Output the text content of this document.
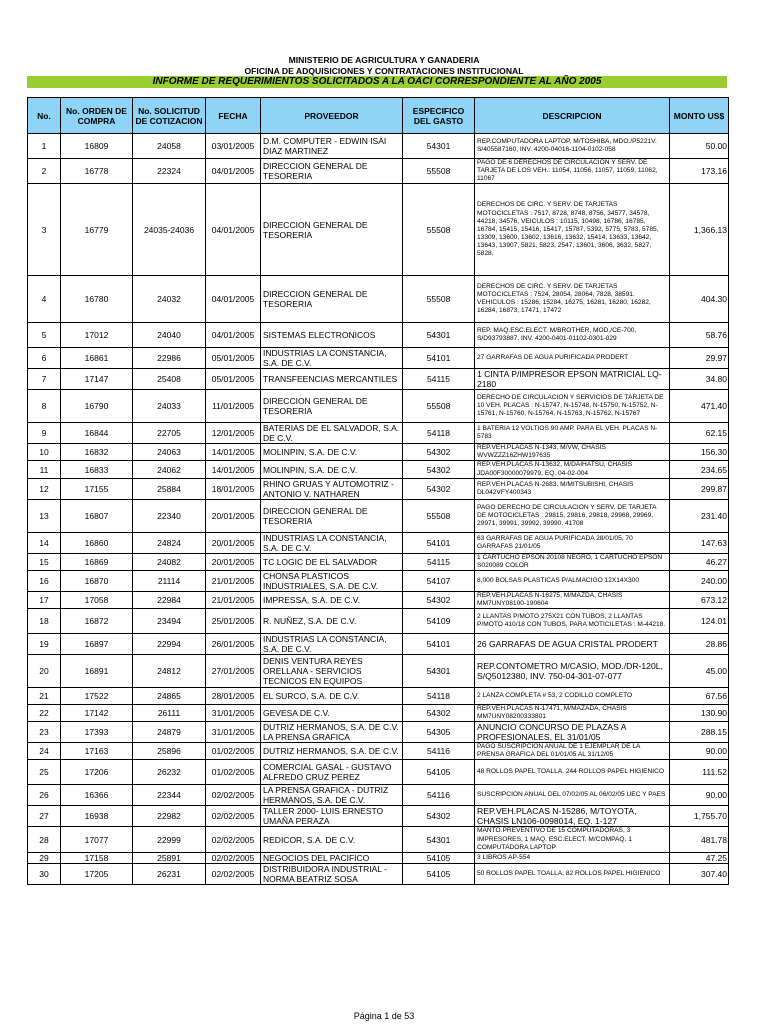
MINISTERIO DE AGRICULTURA Y GANADERIA
OFICINA DE ADQUISICIONES Y CONTRATACIONES INSTITUCIONAL
INFORME DE REQUERIMIENTOS SOLICITADOS A LA OACI CORRESPONDIENTE AL AÑO 2005
No.	No. ORDEN DE COMPRA	No. SOLICITUD DE COTIZACION	FECHA	PROVEEDOR	ESPECIFICO DEL GASTO	DESCRIPCION	MONTO US$
1	16809	24058	03/01/2005	D.M. COMPUTER - EDWIN ISAI DIAZ MARTINEZ	54301	REP.COMPUTADORA LAPTOP, M/TOSHIBA, MDO./P5221V. S/405587160, INV. 4200-04016-1104-0102-058	50.00
2	16778	22324	04/01/2005	DIRECCION GENERAL DE TESORERIA	55508	PAGO DE 6 DERECHOS DE CIRCULACION Y SERV. DE TARJETA DE LOS VEH.: 11054, 11056, 11057, 11059, 11062, 11067	173.16
3	16779	24035-24036	04/01/2005	DIRECCION GENERAL DE TESORERIA	55508	DERECHOS DE CIRC. Y SERV. DE TARJETAS MOTOCICLETAS : 7517, 8728, 8748, 8756, 34577, 34578, 44218, 34576, VEICULOS : 10115, 10498, 16786, 16785, 16784, 15415, 15416, 15417, 15787, 5392, 5775, 5783, 5785, 13309, 13600, 13602, 13616, 13632, 15414, 13633, 13642, 13643, 13907, 5821, 5823, 2547, 13601, 3606, 3632, 5827, 5828.	1,366.13
4	16780	24032	04/01/2005	DIRECCION GENERAL DE TESORERIA	55508	DERECHOS DE CIRC. Y SERV. DE TARJETAS MOTOCICLETAS : 7524, 28054, 28064, 7828, 38591. VEHICULOS : 15286, 15284, 16275, 16281, 16280, 16282, 16284, 16873, 17471, 17472	404.30
5	17012	24040	04/01/2005	SISTEMAS ELECTRONICOS	54301	REP. MAQ.ESC.ELECT. M/BROTHER, MOD./CE-700, S/D93793887, INV. 4200-0401-01102-0301-029	58.76
6	16861	22986	05/01/2005	INDUSTRIAS LA CONSTANCIA, S.A. DE C.V.	54101	27 GARRAFAS DE AGUA PURIFICADA PRODERT	29.97
7	17147	25408	05/01/2005	TRANSFEENCIAS MERCANTILES	54115	1 CINTA P/IMPRESOR EPSON MATRICIAL LQ-2180	34.80
8	16790	24033	11/01/2005	DIRECCION GENERAL DE TESORERIA	55508	DERECHO DE CIRCULACION Y SERVICIOS DE TARJETA DE 10 VEH. PLACAS : N-15747, N-15748, N-15750, N-15752, N-15761, N-15760, N-15764, N-15763, N-15762, N-15767	471.40
9	16844	22705	12/01/2005	BATERIAS DE EL SALVADOR, S.A. DE C.V.	54118	1 BATERIA 12 VOLTIOS 90 AMP. PARA EL VEH. PLACAS N-5783	62.15
10	16832	24063	14/01/2005	MOLINPIN, S.A. DE C.V.	54302	REP.VEH.PLACAS N-1343, M/VW, CHASIS WVWZZZ16ZHW197635	156.30
11	16833	24062	14/01/2005	MOLINPIN, S.A. DE C.V.	54302	REP.VEH.PLACAS N-13632, M/DAIHATSU, CHASIS JDA00F30000079979, EQ. 04-02-004	234.65
12	17155	25884	18/01/2005	RHINO GRUAS Y AUTOMOTRIZ - ANTONIO V. NATHAREN	54302	REP.VEH.PLACAS N-2683, M/MITSUBISHI, CHASIS DL042VFY400343	299.87
13	16807	22340	20/01/2005	DIRECCION GENERAL DE TESORERIA	55508	PAGO DERECHO DE CIRCULACION Y SERV. DE TARJETA DE MOTOCICLETAS : 29815, 29816, 29818, 29968, 29969, 29971, 39991, 39992, 39990, 41708	231.40
14	16860	24824	20/01/2005	INDUSTRIAS LA CONSTANCIA, S.A. DE C.V.	54101	63 GARRAFAS DE AGUA PURIFICADA 28/01/05, 70 GARRAFAS 21/01/05	147.63
15	16869	24082	20/01/2005	TC LOGIC DE EL SALVADOR	54115	1 CARTUCHO EPSON 20108 NEGRO, 1 CARTUCHO EPSON S020089 COLOR	46.27
16	16870	21114	21/01/2005	CHONSA PLASTICOS INDUSTRIALES, S.A. DE C.V.	54107	8,000 BOLSAS PLASTICAS P/ALMACIGO 12X14X300	240.00
17	17058	22984	21/01/2005	IMPRESSA, S.A. DE C.V.	54302	REP.VEH.PLACAS N-16275, M/MAZDA, CHASIS MM7UNY08100-190604	673.12
18	16872	23494	25/01/2005	R. NUÑEZ, S.A. DE C.V.	54109	2 LLANTAS P/MOTO 275X21 CON TUBOS, 2 LLANTAS P/MOTO 410/18 CON TUBOS, PARA MOTICILETAS : M-44218.	124.01
19	16897	22994	26/01/2005	INDUSTRIAS LA CONSTANCIA, S.A. DE C.V.	54101	26 GARRAFAS DE AGUA CRISTAL PRODERT	28.86
20	16891	24812	27/01/2005	DENIS VENTURA REYES ORELLANA - SERVICIOS TECNICOS EN EQUIPOS	54301	REP.CONTOMETRO M/CASIO, MOD./DR-120L, S/Q5012380, INV. 750-04-301-07-077	45.00
21	17522	24865	28/01/2005	EL SURCO, S.A. DE C.V.	54118	2 LANZA COMPLETA # 53, 2 CODILLO COMPLETO	67.56
22	17142	26111	31/01/2005	GEVESA DE C.V.	54302	REP.VEH.PLACAS N-17471, M/MAZADA, CHASIS MM7UNY08200333801	130.90
23	17393	24879	31/01/2005	DUTRIZ HERMANOS, S.A. DE C.V. LA PRENSA GRAFICA	54305	ANUNCIO CONCURSO DE PLAZAS A PROFESIONALES, EL 31/01/05	288.15
24	17163	25896	01/02/2005	DUTRIZ HERMANOS, S.A. DE C.V.	54116	PAGO SUSCRIPCION ANUAL DE 1 EJEMPLAR DE LA PRENSA GRAFICA DEL 01/01/05 AL 31/12/05	90.00
25	17206	26232	01/02/2005	COMERCIAL GASAL - GUSTAVO ALFREDO CRUZ PEREZ	54105	48 ROLLOS PAPEL TOALLA. 244 ROLLOS PAPEL HIGIENICO	111.52
26	16366	22344	02/02/2005	LA PRENSA GRAFICA - DUTRIZ HERMANOS, S.A. DE C.V.	54116	SUSCRIPCION ANUAL DEL 07/02/05 AL 06/02/05 UEC Y PAES	90.00
27	16938	22982	02/02/2005	TALLER 2000- LUIS ERNESTO UMAÑA PERAZA	54302	REP.VEH.PLACAS N-15286, M/TOYOTA, CHASIS LN106-0098014, EQ. 1-127	1,755.70
28	17077	22999	02/02/2005	REDICOR, S.A. DE C.V.	54301	MANTO.PREVENTIVO DE 15 COMPUTADORAS, 3 IMPRESORES, 1 MAQ. ESC.ELECT. M/COMPAQ, 1 COMPUTADORA LAPTOP	481.78
29	17158	25891	02/02/2005	NEGOCIOS DEL PACIFICO	54105	3 LIBROS AP-554	47.25
30	17205	26231	02/02/2005	DISTRIBUIDORA INDUSTRIAL - NORMA BEATRIZ SOSA	54105	50 ROLLOS PAPEL TOALLA, 82 ROLLOS PAPEL HIGIENICO	307.40
Página 1 de 53
